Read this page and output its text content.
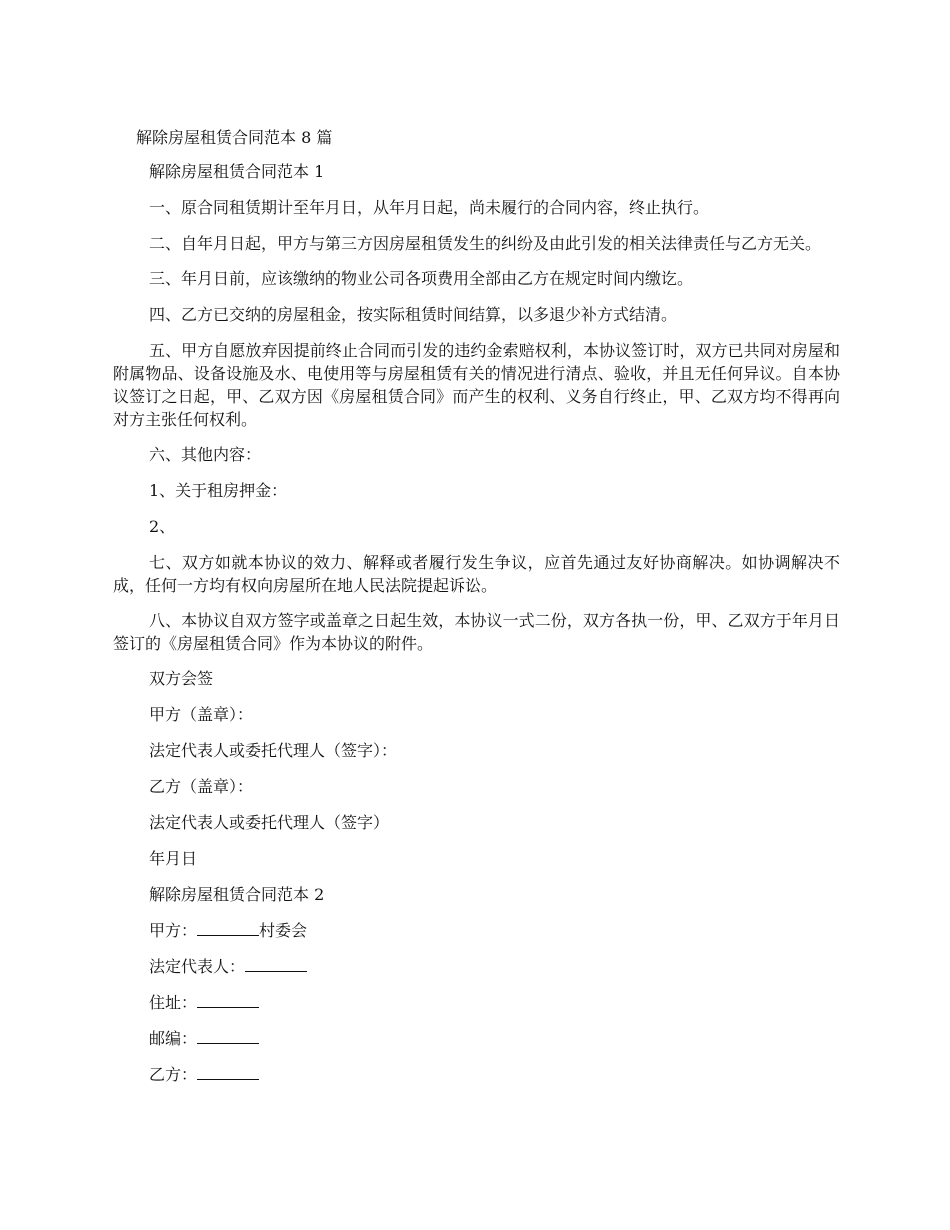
解除房屋租赁合同范本 8 篇

解除房屋租赁合同范本 1

一、原合同租赁期计至年月日，从年月日起，尚未履行的合同内容，终止执行。

二、自年月日起，甲方与第三方因房屋租赁发生的纠纷及由此引发的相关法律责任与乙方无关。

三、年月日前，应该缴纳的物业公司各项费用全部由乙方在规定时间内缴讫。

四、乙方已交纳的房屋租金，按实际租赁时间结算，以多退少补方式结清。

五、甲方自愿放弃因提前终止合同而引发的违约金索赔权利，本协议签订时，双方已共同对房屋和附属物品、设备设施及水、电使用等与房屋租赁有关的情况进行清点、验收，并且无任何异议。自本协议签订之日起，甲、乙双方因《房屋租赁合同》而产生的权利、义务自行终止，甲、乙双方均不得再向对方主张任何权利。

六、其他内容：

1、关于租房押金：

2、

七、双方如就本协议的效力、解释或者履行发生争议，应首先通过友好协商解决。如协调解决不成，任何一方均有权向房屋所在地人民法院提起诉讼。

八、本协议自双方签字或盖章之日起生效，本协议一式二份，双方各执一份，甲、乙双方于年月日签订的《房屋租赁合同》作为本协议的附件。

双方会签

甲方（盖章）：

法定代表人或委托代理人（签字）：

乙方（盖章）：

法定代表人或委托代理人（签字）

年月日

解除房屋租赁合同范本 2

甲方：	村委会

法定代表人：

住址：

邮编：

乙方：
